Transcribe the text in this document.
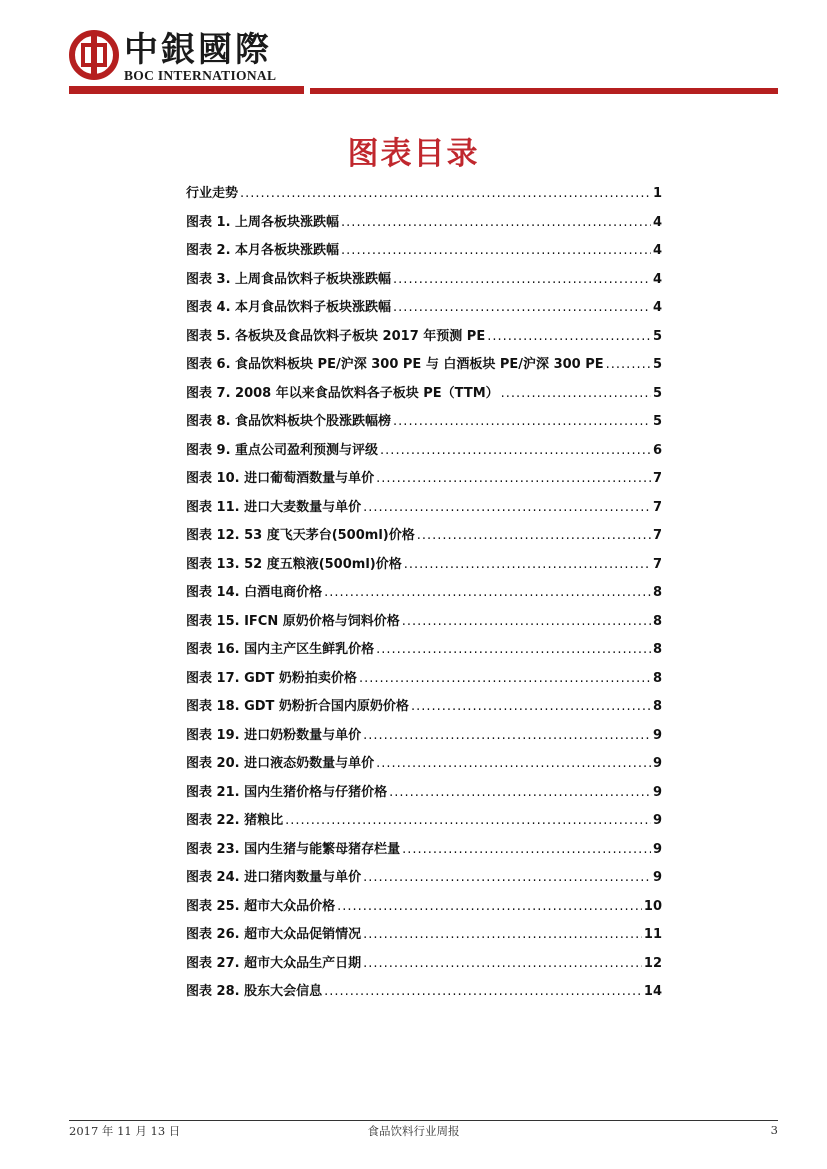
中銀國際
BOC INTERNATIONAL
图表目录
行业走势 .....	1
图表 1. 上周各板块涨跌幅 .....	4
图表 2. 本月各板块涨跌幅 .....	4
图表 3. 上周食品饮料子板块涨跌幅 .....	4
图表 4. 本月食品饮料子板块涨跌幅 .....	4
图表 5. 各板块及食品饮料子板块 2017 年预测 PE .....	5
图表 6. 食品饮料板块 PE/沪深 300 PE 与 白酒板块 PE/沪深 300 PE .....	5
图表 7. 2008 年以来食品饮料各子板块 PE（TTM） .....	5
图表 8. 食品饮料板块个股涨跌幅榜 .....	5
图表 9. 重点公司盈利预测与评级 .....	6
图表 10. 进口葡萄酒数量与单价 .....	7
图表 11. 进口大麦数量与单价 .....	7
图表 12. 53 度飞天茅台(500ml)价格 .....	7
图表 13. 52 度五粮液(500ml)价格 .....	7
图表 14. 白酒电商价格 .....	8
图表 15. IFCN 原奶价格与饲料价格 .....	8
图表 16. 国内主产区生鲜乳价格 .....	8
图表 17. GDT 奶粉拍卖价格 .....	8
图表 18. GDT 奶粉折合国内原奶价格 .....	8
图表 19. 进口奶粉数量与单价 .....	9
图表 20. 进口液态奶数量与单价 .....	9
图表 21. 国内生猪价格与仔猪价格 .....	9
图表 22. 猪粮比 .....	9
图表 23. 国内生猪与能繁母猪存栏量 .....	9
图表 24. 进口猪肉数量与单价 .....	9
图表 25. 超市大众品价格 .....	10
图表 26. 超市大众品促销情况 .....	11
图表 27. 超市大众品生产日期 .....	12
图表 28. 股东大会信息 .....	14
2017 年 11 月 13 日	食品饮料行业周报	3
